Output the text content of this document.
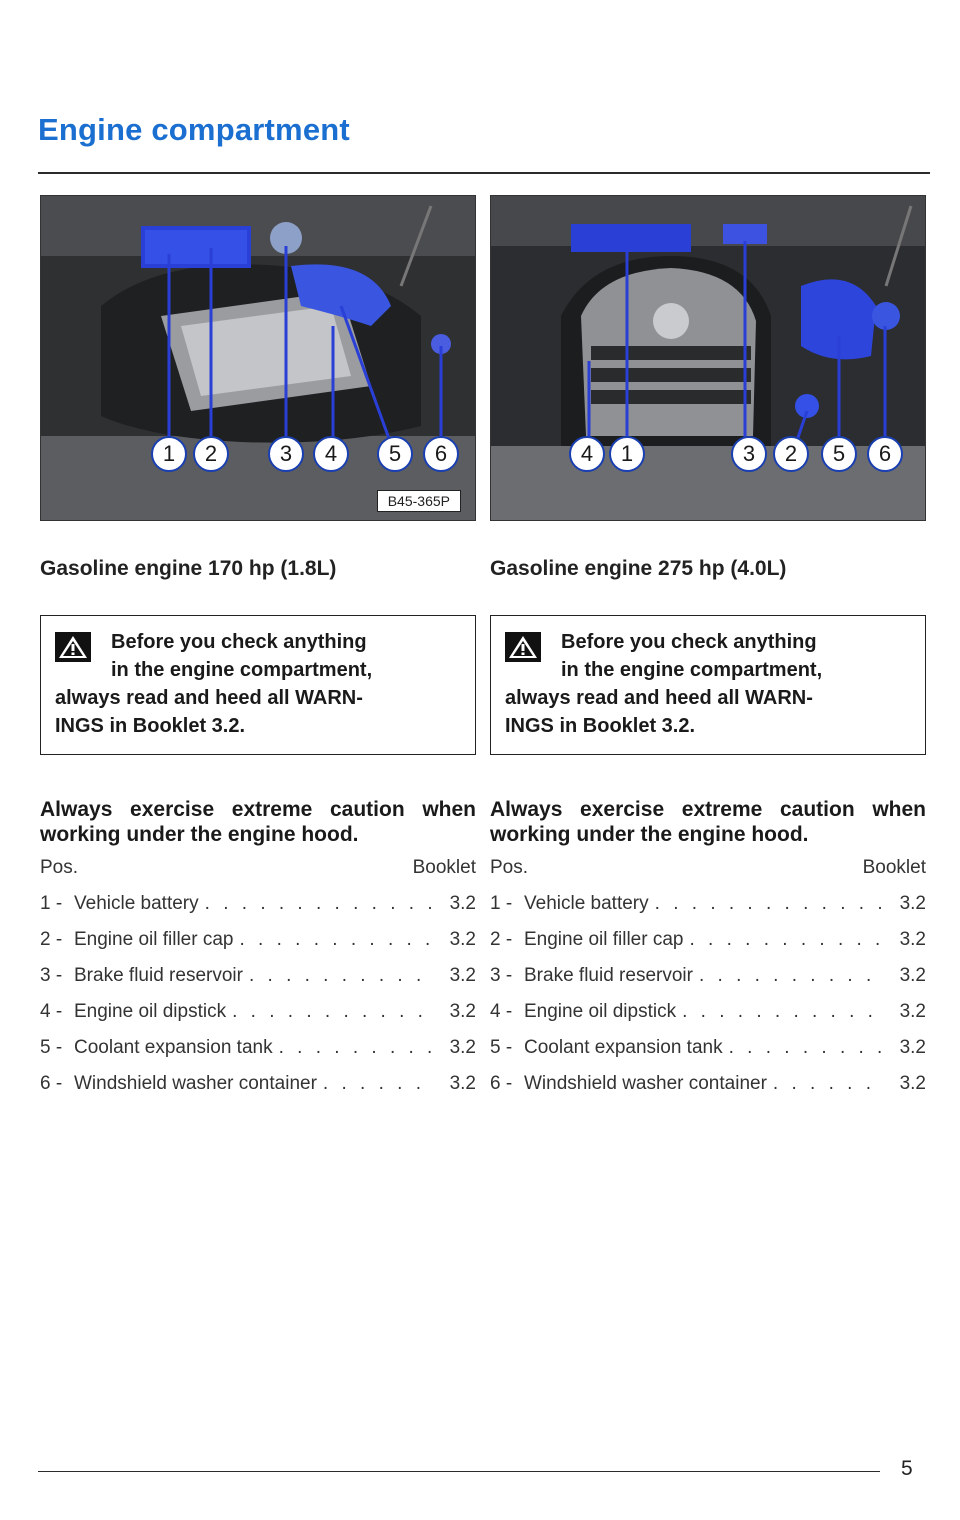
Engine compartment
1	2	3	4	5	6
B45-365P
Gasoline engine 170 hp (1.8L)
Before you check anything
in the engine compartment,
always read and heed all WARN-
INGS in Booklet 3.2.
Always exercise extreme caution when working under the engine hood.
Pos.	Booklet
1 - Vehicle battery . . .	3.2
2 - Engine oil filler cap . . .	3.2
3 - Brake fluid reservoir . . .	3.2
4 - Engine oil dipstick . . .	3.2
5 - Coolant expansion tank . . .	3.2
6 - Windshield washer container . . .	3.2
4	1	3	2	5	6
Gasoline engine 275 hp (4.0L)
Before you check anything
in the engine compartment,
always read and heed all WARN-
INGS in Booklet 3.2.
Always exercise extreme caution when working under the engine hood.
Pos.	Booklet
1 - Vehicle battery . . .	3.2
2 - Engine oil filler cap . . .	3.2
3 - Brake fluid reservoir . . .	3.2
4 - Engine oil dipstick . . .	3.2
5 - Coolant expansion tank . . .	3.2
6 - Windshield washer container . . .	3.2
5
